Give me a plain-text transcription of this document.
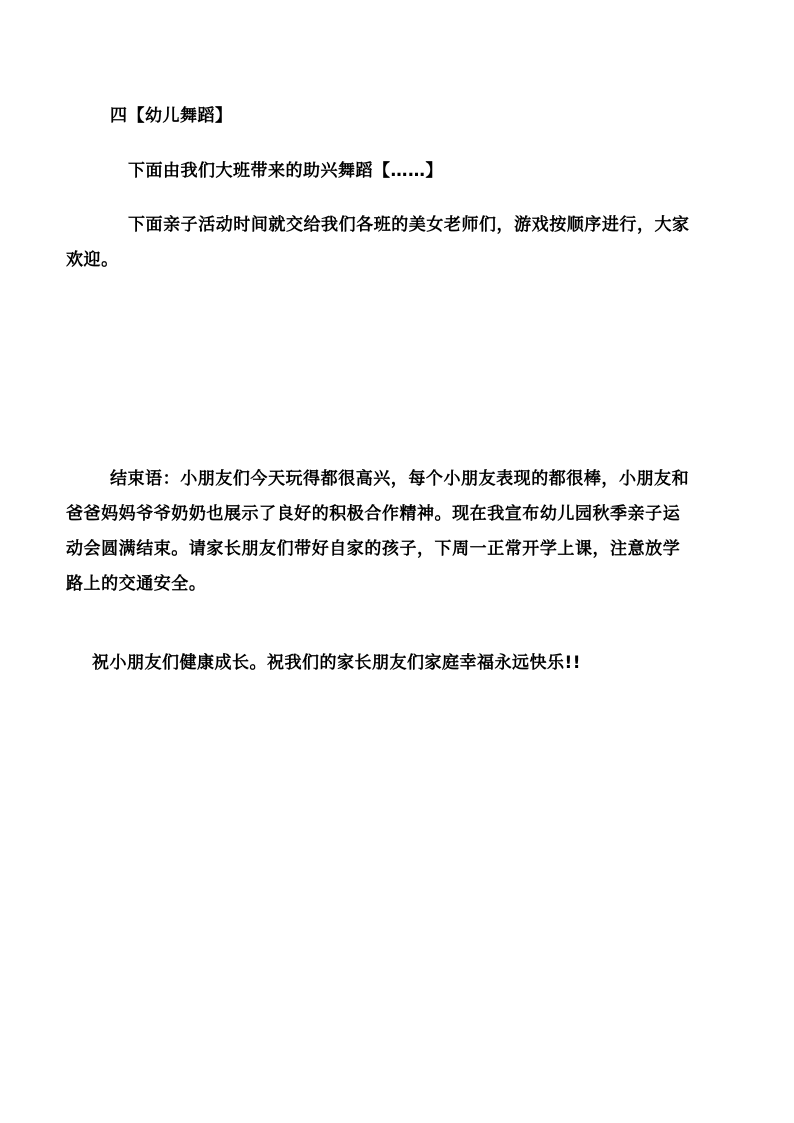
四【幼儿舞蹈】
下面由我们大班带来的助兴舞蹈【……】
下面亲子活动时间就交给我们各班的美女老师们，游戏按顺序进行，大家
欢迎。
结束语：小朋友们今天玩得都很高兴，每个小朋友表现的都很棒，小朋友和
爸爸妈妈爷爷奶奶也展示了良好的积极合作精神。现在我宣布幼儿园秋季亲子运
动会圆满结束。请家长朋友们带好自家的孩子，下周一正常开学上课，注意放学
路上的交通安全。
祝小朋友们健康成长。祝我们的家长朋友们家庭幸福永远快乐!!
